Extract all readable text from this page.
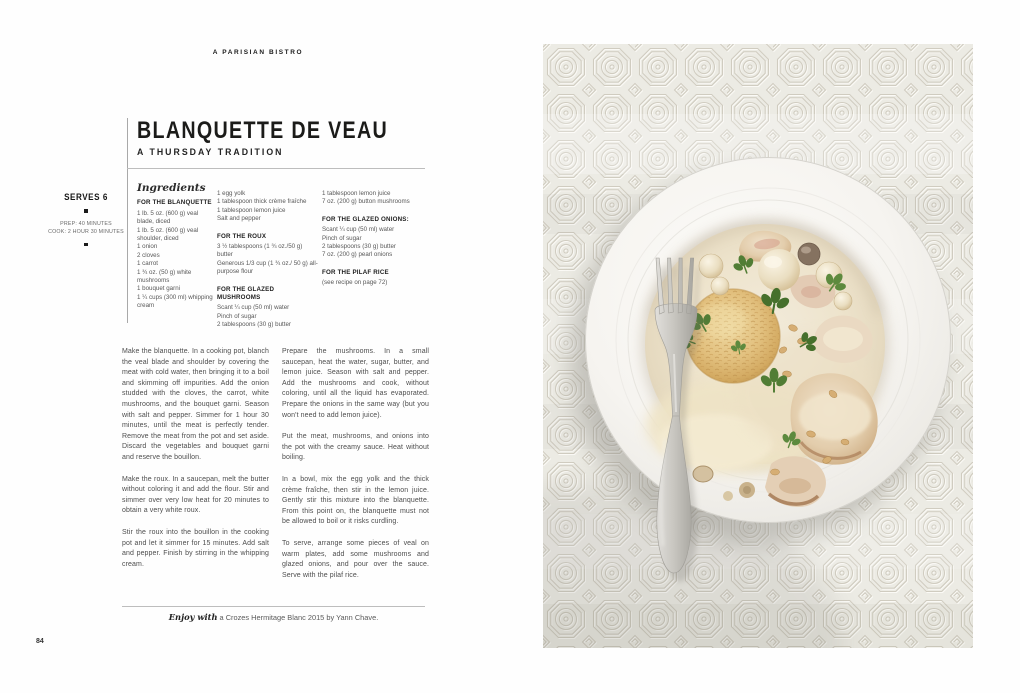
A PARISIAN BISTRO
BLANQUETTE DE VEAU
A THURSDAY TRADITION
SERVES 6
PREP: 40 MINUTES
COOK: 2 HOUR 30 MINUTES
Ingredients
FOR THE BLANQUETTE
1 lb. 5 oz. (600 g) veal blade, diced
1 lb. 5 oz. (600 g) veal shoulder, diced
1 onion
2 cloves
1 carrot
1 ¾ oz. (50 g) white mushrooms
1 bouquet garni
1 ¼ cups (300 ml) whipping cream
1 egg yolk
1 tablespoon thick crème fraîche
1 tablespoon lemon juice
Salt and pepper
FOR THE ROUX
3 ½ tablespoons (1 ¾ oz./50 g) butter
Generous 1/3 cup (1 ¾ oz./ 50 g) all-purpose flour
FOR THE GLAZED MUSHROOMS
Scant ¼ cup (50 ml) water
Pinch of sugar
2 tablespoons (30 g) butter
1 tablespoon lemon juice
7 oz. (200 g) button mushrooms
FOR THE GLAZED ONIONS:
Scant ¼ cup (50 ml) water
Pinch of sugar
2 tablespoons (30 g) butter
7 oz. (200 g) pearl onions
FOR THE PILAF RICE
(see recipe on page 72)

Make the blanquette. In a cooking pot, blanch the veal blade and shoulder by covering the meat with cold water, then bringing it to a boil and skimming off impurities. Add the onion studded with the cloves, the carrot, white mushrooms, and the bouquet garni. Season with salt and pepper. Simmer for 1 hour 30 minutes, until the meat is perfectly tender. Remove the meat from the pot and set aside. Discard the vegetables and bouquet garni and reserve the bouillon.

Make the roux. In a saucepan, melt the butter without coloring it and add the flour. Stir and simmer over very low heat for 20 minutes to obtain a very white roux.

Stir the roux into the bouillon in the cooking pot and let it simmer for 15 minutes. Add salt and pepper. Finish by stirring in the whipping cream.

Prepare the mushrooms. In a small saucepan, heat the water, sugar, butter, and lemon juice. Season with salt and pepper. Add the mushrooms and cook, without coloring, until all the liquid has evaporated. Prepare the onions in the same way (but you won't need to add lemon juice).

Put the meat, mushrooms, and onions into the pot with the creamy sauce. Heat without boiling.

In a bowl, mix the egg yolk and the thick crème fraîche, then stir in the lemon juice. Gently stir this mixture into the blanquette. From this point on, the blanquette must not be allowed to boil or it risks curdling.

To serve, arrange some pieces of veal on warm plates, add some mushrooms and glazed onions, and pour over the sauce. Serve with the pilaf rice.

Enjoy with a Crozes Hermitage Blanc 2015 by Yann Chave.
84
